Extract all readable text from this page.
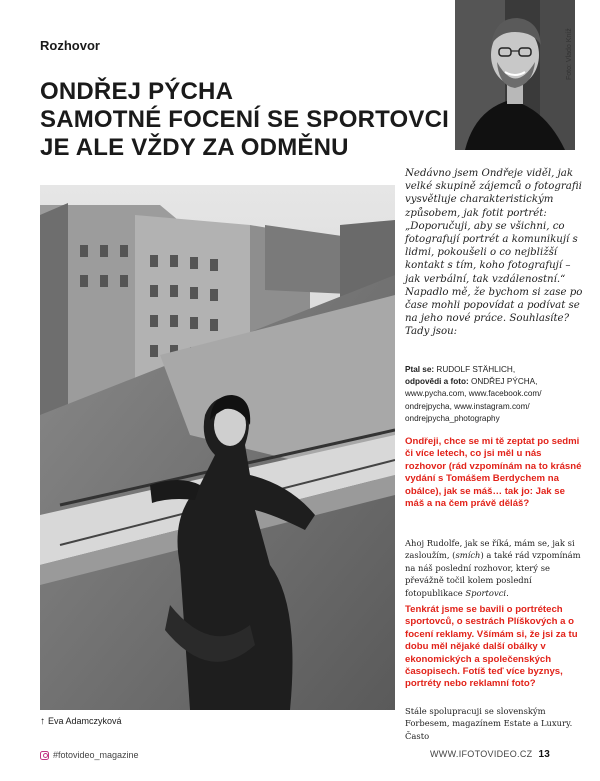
Rozhovor
ONDŘEJ PÝCHA
SAMOTNÉ FOCENÍ SE SPORTOVCI
JE ALE VŽDY ZA ODMĚNU
Foto: Vlado Kníž
↑ Eva Adamczyková
Nedávno jsem Ondřeje viděl, jak velké skupině zájemců o fotografii vysvětluje charakteristickým způsobem, jak fotit portrét: „Doporučuji, aby se všichni, co fotografují portrét a komunikují s lidmi, pokoušeli o co nejbližší kontakt s tím, koho fotografují – jak verbální, tak vzdálenostní.“ Napadlo mě, že bychom si zase po čase mohli popovídat a podívat se na jeho nové práce. Souhlasíte? Tady jsou:
Ptal se: RUDOLF STÄHLICH,
odpovědi a foto: ONDŘEJ PÝCHA,
www.pycha.com, www.facebook.com/ ondrejpycha, www.instagram.com/ ondrejpycha_photography
Ondřeji, chce se mi tě zeptat po sedmi či více letech, co jsi měl u nás rozhovor (rád vzpomínám na to krásné vydání s Tomášem Berdychem na obálce), jak se máš… tak jo: Jak se máš a na čem právě děláš?
Ahoj Rudolfe, jak se říká, mám se, jak si zasloužím, (smích) a také rád vzpomínám na náš poslední rozhovor, který se převážně točil kolem poslední fotopublikace Sportovci.
Tenkrát jsme se bavili o portrétech sportovců, o sestrách Plíškových a o focení reklamy. Všímám si, že jsi za tu dobu měl nějaké další obálky v ekonomických a společenských časopisech. Fotíš teď více byznys, portréty nebo reklamní foto?
Stále spolupracuji se slovenským Forbesem, magazínem Estate a Luxury. Často
#fotovideo_magazine	WWW.IFOTOVIDEO.CZ 13
